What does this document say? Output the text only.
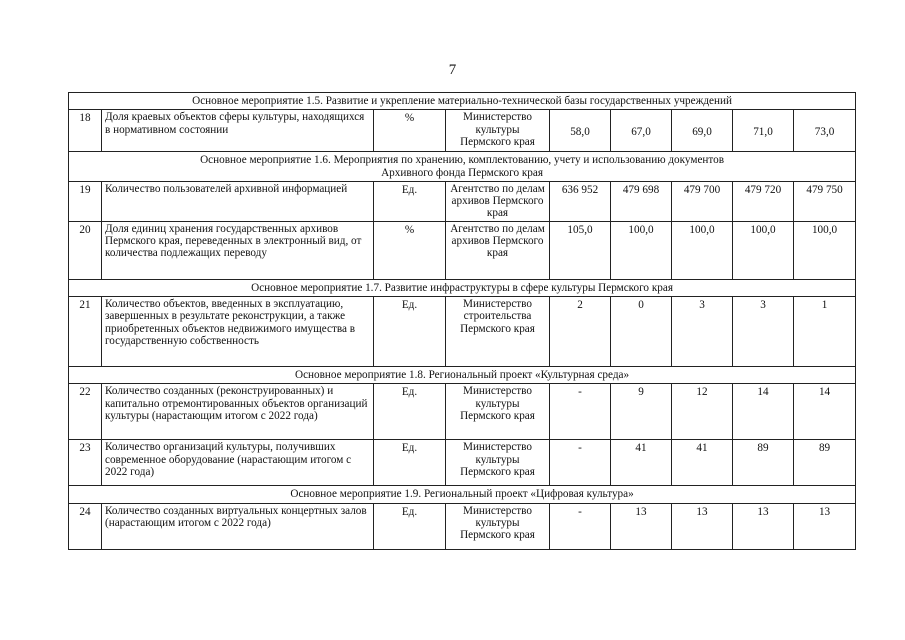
7
Основное мероприятие 1.5. Развитие и укрепление материально-технической базы государственных учреждений								
18	Доля краевых объектов сферы культуры, находящихся в нормативном состоянии	%	Министерство культуры Пермского края	58,0	67,0	69,0	71,0	73,0
Основное мероприятие 1.6. Мероприятия по хранению, комплектованию, учету и использованию документов Архивного фонда Пермского края								
19	Количество пользователей архивной информацией	Ед.	Агентство по делам архивов Пермского края	636 952	479 698	479 700	479 720	479 750
20	Доля единиц хранения государственных архивов Пермского края, переведенных в электронный вид, от количества подлежащих переводу	%	Агентство по делам архивов Пермского края	105,0	100,0	100,0	100,0	100,0
Основное мероприятие 1.7. Развитие инфраструктуры в сфере культуры Пермского края								
21	Количество объектов, введенных в эксплуатацию, завершенных в результате реконструкции, а также приобретенных объектов недвижимого имущества в государственную собственность	Ед.	Министерство строительства Пермского края	2	0	3	3	1
Основное мероприятие 1.8. Региональный проект «Культурная среда»								
22	Количество созданных (реконструированных) и капитально отремонтированных объектов организаций культуры (нарастающим итогом с 2022 года)	Ед.	Министерство культуры Пермского края	-	9	12	14	14
23	Количество организаций культуры, получивших современное оборудование (нарастающим итогом с 2022 года)	Ед.	Министерство культуры Пермского края	-	41	41	89	89
Основное мероприятие 1.9. Региональный проект «Цифровая культура»								
24	Количество созданных виртуальных концертных залов (нарастающим итогом с 2022 года)	Ед.	Министерство культуры Пермского края	-	13	13	13	13
